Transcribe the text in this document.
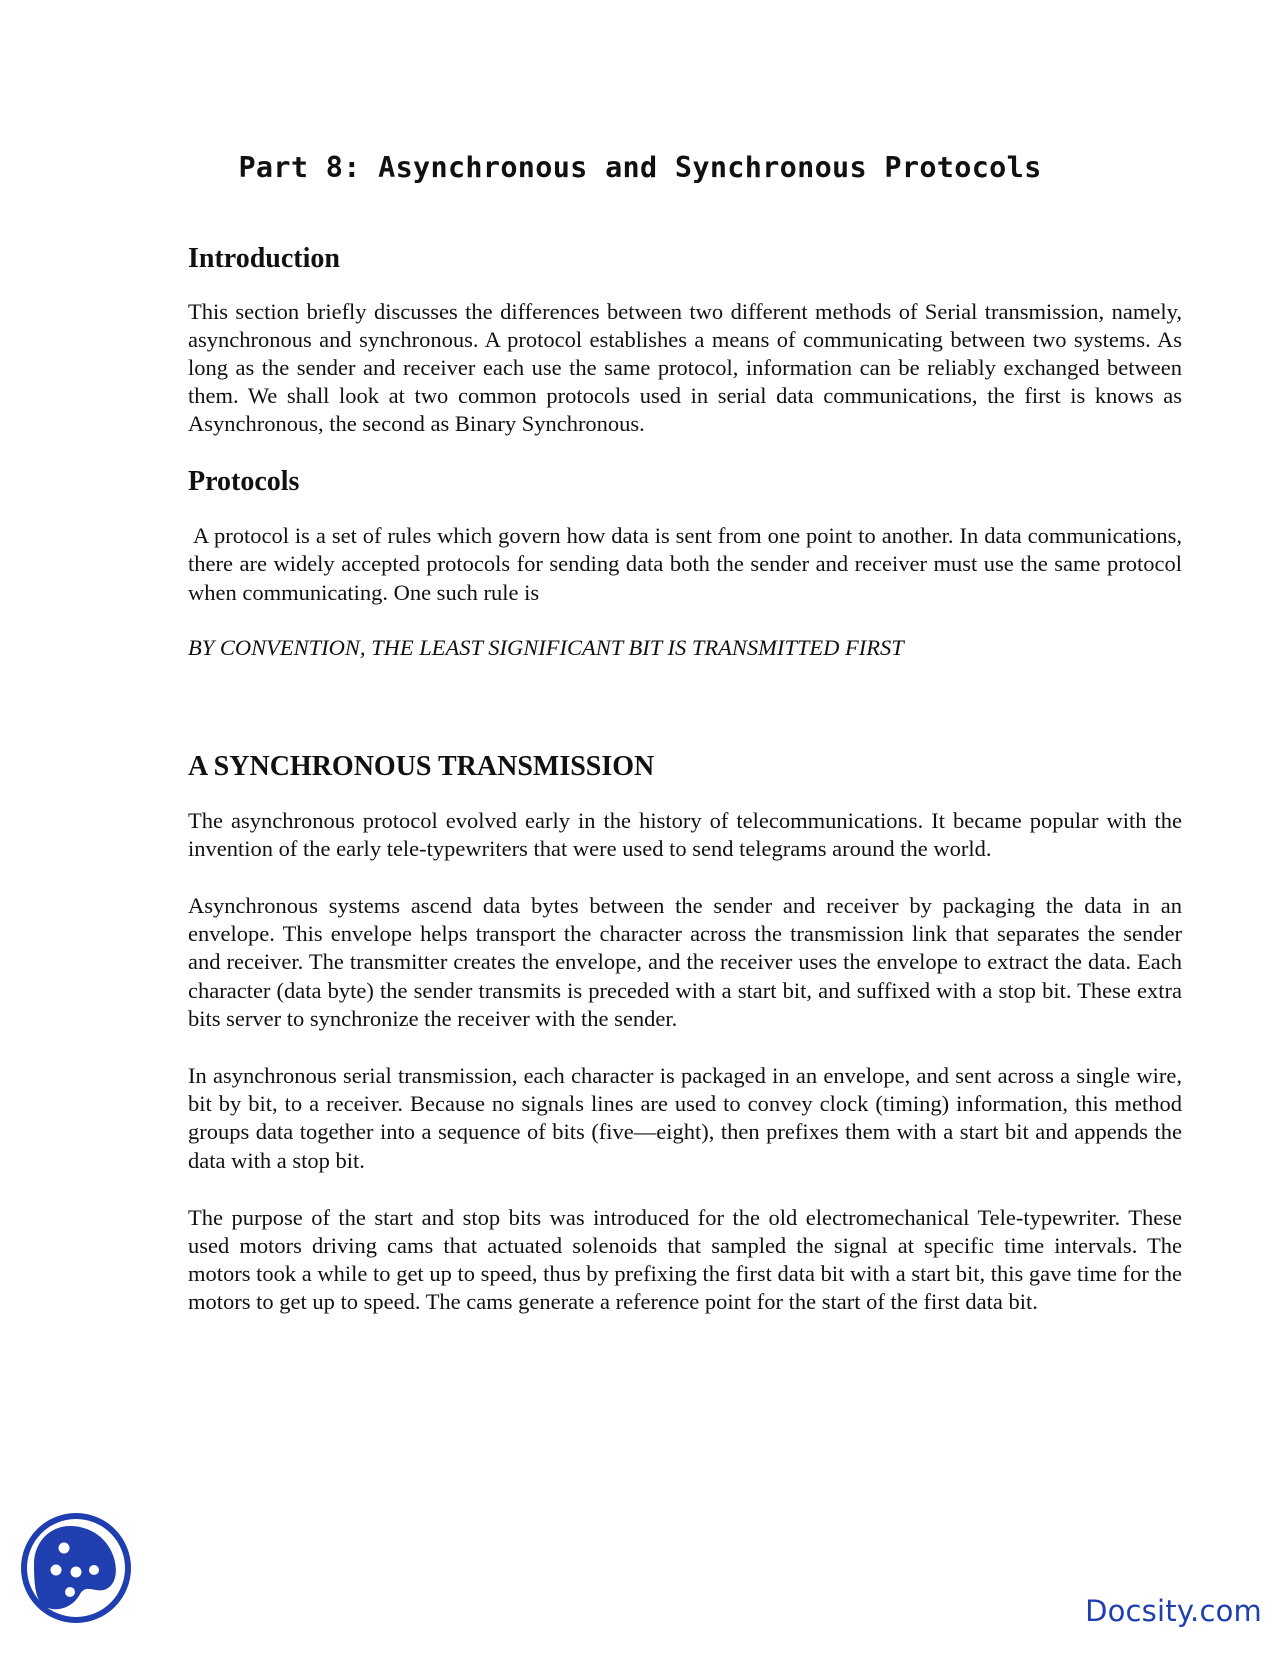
Part 8: Asynchronous and Synchronous Protocols
Introduction

This section briefly discusses the differences between two different methods of Serial transmission, namely, asynchronous and synchronous. A protocol establishes a means of communicating between two systems. As long as the sender and receiver each use the same protocol, information can be reliably exchanged between them. We shall look at two common protocols used in serial data communications, the first is knows as Asynchronous, the second as Binary Synchronous.

Protocols

A protocol is a set of rules which govern how data is sent from one point to another. In data communications, there are widely accepted protocols for sending data both the sender and receiver must use the same protocol when communicating. One such rule is

BY CONVENTION, THE LEAST SIGNIFICANT BIT IS TRANSMITTED FIRST

A SYNCHRONOUS TRANSMISSION

The asynchronous protocol evolved early in the history of telecommunications. It became popular with the invention of the early tele-typewriters that were used to send telegrams around the world.

Asynchronous systems ascend data bytes between the sender and receiver by packaging the data in an envelope. This envelope helps transport the character across the transmission link that separates the sender and receiver. The transmitter creates the envelope, and the receiver uses the envelope to extract the data. Each character (data byte) the sender transmits is preceded with a start bit, and suffixed with a stop bit. These extra bits server to synchronize the receiver with the sender.

In asynchronous serial transmission, each character is packaged in an envelope, and sent across a single wire, bit by bit, to a receiver. Because no signals lines are used to convey clock (timing) information, this method groups data together into a sequence of bits (five—eight), then prefixes them with a start bit and appends the data with a stop bit.

The purpose of the start and stop bits was introduced for the old electromechanical Tele-typewriter. These used motors driving cams that actuated solenoids that sampled the signal at specific time intervals. The motors took a while to get up to speed, thus by prefixing the first data bit with a start bit, this gave time for the motors to get up to speed. The cams generate a reference point for the start of the first data bit.

Docsity.com
